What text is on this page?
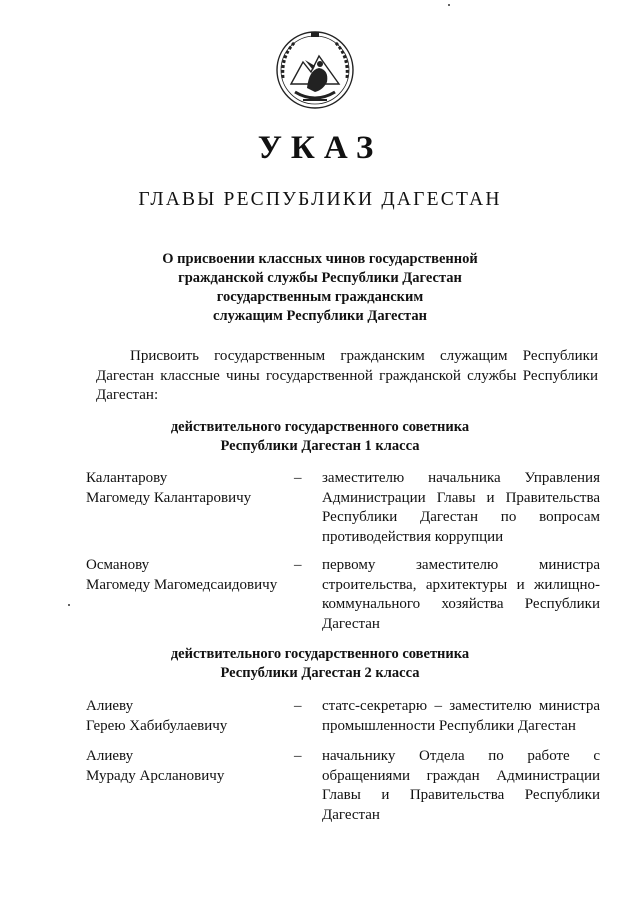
УКАЗ
ГЛАВЫ РЕСПУБЛИКИ ДАГЕСТАН
О присвоении классных чинов государственной
гражданской службы Республики Дагестан
государственным гражданским
служащим Республики Дагестан
Присвоить государственным гражданским служащим Республики Дагестан классные чины государственной гражданской службы Республики Дагестан:
действительного государственного советника
Республики Дагестан 1 класса
Калантарову
Магомеду Калантаровичу
– заместителю начальника Управления Администрации Главы и Правительства Республики Дагестан по вопросам противодействия коррупции
Османову
Магомеду Магомедсаидовичу
– первому заместителю министра строительства, архитектуры и жилищно-коммунального хозяйства Республики Дагестан
действительного государственного советника
Республики Дагестан 2 класса
Алиеву
Герею Хабибулаевичу
– статс-секретарю – заместителю министра промышленности Республики Дагестан
Алиеву
Мураду Арслановичу
– начальнику Отдела по работе с обращениями граждан Администрации Главы и Правительства Республики Дагестан
